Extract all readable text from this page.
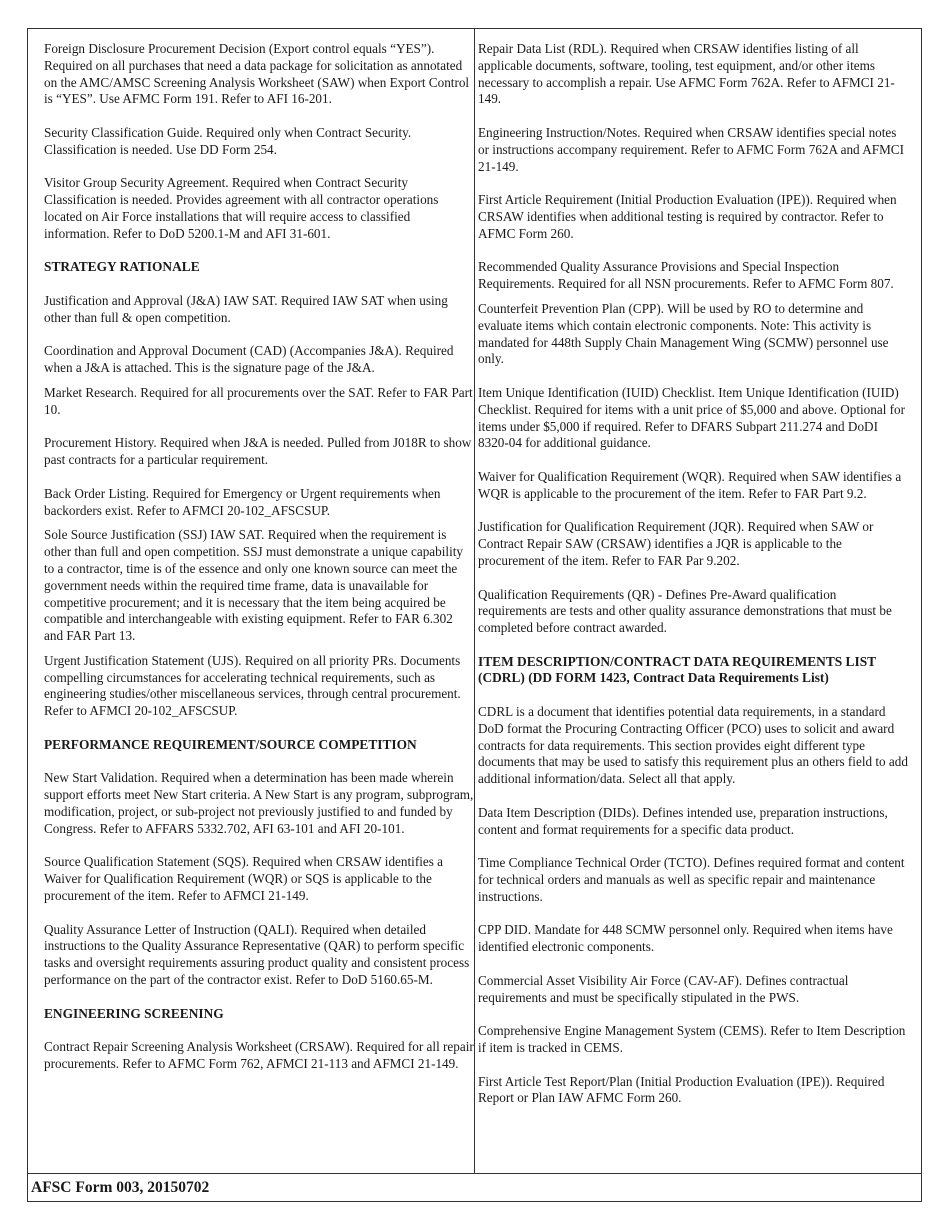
Foreign Disclosure Procurement Decision (Export control equals “YES”). Required on all purchases that need a data package for solicitation as annotated on the AMC/AMSC Screening Analysis Worksheet (SAW) when Export Control is “YES”. Use AFMC Form 191. Refer to AFI 16-201.

Security Classification Guide. Required only when Contract Security. Classification is needed. Use DD Form 254.

Visitor Group Security Agreement. Required when Contract Security Classification is needed. Provides agreement with all contractor operations located on Air Force installations that will require access to classified information. Refer to DoD 5200.1-M and AFI 31-601.

STRATEGY RATIONALE

Justification and Approval (J&A) IAW SAT. Required IAW SAT when using other than full & open competition.

Coordination and Approval Document (CAD) (Accompanies J&A). Required when a J&A is attached. This is the signature page of the J&A.

Market Research. Required for all procurements over the SAT. Refer to FAR Part 10.

Procurement History. Required when J&A is needed. Pulled from J018R to show past contracts for a particular requirement.

Back Order Listing. Required for Emergency or Urgent requirements when backorders exist. Refer to AFMCI 20-102_AFSCSUP.

Sole Source Justification (SSJ) IAW SAT. Required when the requirement is other than full and open competition. SSJ must demonstrate a unique capability to a contractor, time is of the essence and only one known source can meet the government needs within the required time frame, data is unavailable for competitive procurement; and it is necessary that the item being acquired be compatible and interchangeable with existing equipment. Refer to FAR 6.302 and FAR Part 13.

Urgent Justification Statement (UJS). Required on all priority PRs. Documents compelling circumstances for accelerating technical requirements, such as engineering studies/other miscellaneous services, through central procurement. Refer to AFMCI 20-102_AFSCSUP.

PERFORMANCE REQUIREMENT/SOURCE COMPETITION

New Start Validation. Required when a determination has been made wherein support efforts meet New Start criteria. A New Start is any program, subprogram, modification, project, or sub-project not previously justified to and funded by Congress. Refer to AFFARS 5332.702, AFI 63-101 and AFI 20-101.

Source Qualification Statement (SQS). Required when CRSAW identifies a Waiver for Qualification Requirement (WQR) or SQS is applicable to the procurement of the item. Refer to AFMCI 21-149.

Quality Assurance Letter of Instruction (QALI). Required when detailed instructions to the Quality Assurance Representative (QAR) to perform specific tasks and oversight requirements assuring product quality and consistent process performance on the part of the contractor exist. Refer to DoD 5160.65-M.

ENGINEERING SCREENING

Contract Repair Screening Analysis Worksheet (CRSAW). Required for all repair procurements. Refer to AFMC Form 762, AFMCI 21-113 and AFMCI 21-149.

Repair Data List (RDL). Required when CRSAW identifies listing of all applicable documents, software, tooling, test equipment, and/or other items necessary to accomplish a repair. Use AFMC Form 762A. Refer to AFMCI 21-149.

Engineering Instruction/Notes. Required when CRSAW identifies special notes or instructions accompany requirement. Refer to AFMC Form 762A and AFMCI 21-149.

First Article Requirement (Initial Production Evaluation (IPE)). Required when CRSAW identifies when additional testing is required by contractor. Refer to AFMC Form 260.

Recommended Quality Assurance Provisions and Special Inspection Requirements. Required for all NSN procurements. Refer to AFMC Form 807.

Counterfeit Prevention Plan (CPP). Will be used by RO to determine and evaluate items which contain electronic components. Note: This activity is mandated for 448th Supply Chain Management Wing (SCMW) personnel use only.

Item Unique Identification (IUID) Checklist. Item Unique Identification (IUID) Checklist. Required for items with a unit price of $5,000 and above. Optional for items under $5,000 if required. Refer to DFARS Subpart 211.274 and DoDI 8320-04 for additional guidance.

Waiver for Qualification Requirement (WQR). Required when SAW identifies a WQR is applicable to the procurement of the item. Refer to FAR Part 9.2.

Justification for Qualification Requirement (JQR). Required when SAW or Contract Repair SAW (CRSAW) identifies a JQR is applicable to the procurement of the item. Refer to FAR Par 9.202.

Qualification Requirements (QR) - Defines Pre-Award qualification requirements are tests and other quality assurance demonstrations that must be completed before contract awarded.

ITEM DESCRIPTION/CONTRACT DATA REQUIREMENTS LIST (CDRL) (DD FORM 1423, Contract Data Requirements List)

CDRL is a document that identifies potential data requirements, in a standard DoD format the Procuring Contracting Officer (PCO) uses to solicit and award contracts for data requirements. This section provides eight different type documents that may be used to satisfy this requirement plus an others field to add additional information/data. Select all that apply.

Data Item Description (DIDs). Defines intended use, preparation instructions, content and format requirements for a specific data product.

Time Compliance Technical Order (TCTO). Defines required format and content for technical orders and manuals as well as specific repair and maintenance instructions.

CPP DID. Mandate for 448 SCMW personnel only. Required when items have identified electronic components.

Commercial Asset Visibility Air Force (CAV-AF). Defines contractual requirements and must be specifically stipulated in the PWS.

Comprehensive Engine Management System (CEMS). Refer to Item Description if item is tracked in CEMS.

First Article Test Report/Plan (Initial Production Evaluation (IPE)). Required Report or Plan IAW AFMC Form 260.

AFSC Form 003, 20150702
